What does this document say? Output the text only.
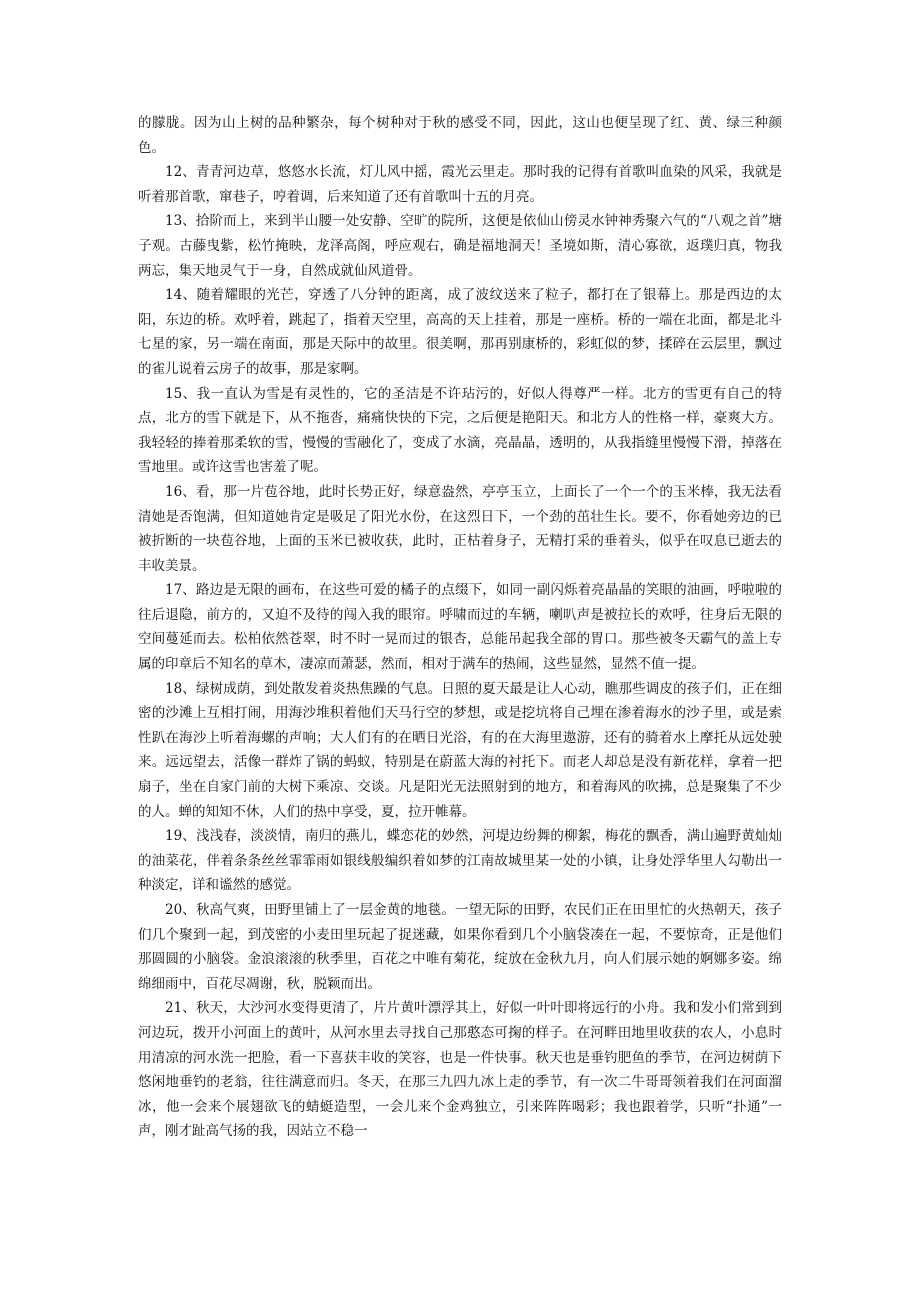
的朦胧。因为山上树的品种繁杂，每个树种对于秋的感受不同，因此，这山也便呈现了红、黄、绿三种颜色。

12、青青河边草，悠悠水长流，灯儿风中摇，霞光云里走。那时我的记得有首歌叫血染的风采，我就是听着那首歌，窜巷子，哼着调，后来知道了还有首歌叫十五的月亮。

13、拾阶而上，来到半山腰一处安静、空旷的院所，这便是依仙山傍灵水钟神秀聚六气的“八观之首”塘子观。古藤曳紫，松竹掩映，龙泽高阁，呼应观右，确是福地洞天！圣境如斯，清心寡欲，返璞归真，物我两忘，集天地灵气于一身，自然成就仙风道骨。

14、随着耀眼的光芒，穿透了八分钟的距离，成了波纹送来了粒子，都打在了银幕上。那是西边的太阳，东边的桥。欢呼着，跳起了，指着天空里，高高的天上挂着，那是一座桥。桥的一端在北面，都是北斗七星的家，另一端在南面，那是天际中的故里。很美啊，那再别康桥的，彩虹似的梦，揉碎在云层里，飘过的雀儿说着云房子的故事，那是家啊。

15、我一直认为雪是有灵性的，它的圣洁是不许玷污的，好似人得尊严一样。北方的雪更有自己的特点，北方的雪下就是下，从不拖沓，痛痛快快的下完，之后便是艳阳天。和北方人的性格一样，豪爽大方。我轻轻的捧着那柔软的雪，慢慢的雪融化了，变成了水滴，亮晶晶，透明的，从我指缝里慢慢下滑，掉落在雪地里。或许这雪也害羞了呢。

16、看，那一片苞谷地，此时长势正好，绿意盎然，亭亭玉立，上面长了一个一个的玉米棒，我无法看清她是否饱满，但知道她肯定是吸足了阳光水份，在这烈日下，一个劲的茁壮生长。要不，你看她旁边的已被折断的一块苞谷地，上面的玉米已被收获，此时，正枯着身子，无精打采的垂着头，似乎在叹息已逝去的丰收美景。

17、路边是无限的画布，在这些可爱的橘子的点缀下，如同一副闪烁着亮晶晶的笑眼的油画，呼啦啦的往后退隐，前方的，又迫不及待的闯入我的眼帘。呼啸而过的车辆，喇叭声是被拉长的欢呼，往身后无限的空间蔓延而去。松柏依然苍翠，时不时一晃而过的银杏，总能吊起我全部的胃口。那些被冬天霸气的盖上专属的印章后不知名的草木，凄凉而萧瑟，然而，相对于满车的热闹，这些显然，显然不值一提。

18、绿树成荫，到处散发着炎热焦躁的气息。日照的夏天最是让人心动，瞧那些调皮的孩子们，正在细密的沙滩上互相打闹，用海沙堆积着他们天马行空的梦想，或是挖坑将自己埋在渗着海水的沙子里，或是索性趴在海沙上听着海螺的声响；大人们有的在晒日光浴，有的在大海里遨游，还有的骑着水上摩托从远处驶来。远远望去，活像一群炸了锅的蚂蚁，特别是在蔚蓝大海的衬托下。而老人却总是没有新花样，拿着一把扇子，坐在自家门前的大树下乘凉、交谈。凡是阳光无法照射到的地方，和着海风的吹拂，总是聚集了不少的人。蝉的知知不休，人们的热中享受，夏，拉开帷幕。

19、浅浅春，淡淡情，南归的燕儿，蝶恋花的妙然，河堤边纷舞的柳絮，梅花的飘香，满山遍野黄灿灿的油菜花，伴着条条丝丝霏霏雨如银线般编织着如梦的江南故城里某一处的小镇，让身处浮华里人勾勒出一种淡定，详和谧然的感觉。

20、秋高气爽，田野里铺上了一层金黄的地毯。一望无际的田野，农民们正在田里忙的火热朝天，孩子们几个聚到一起，到茂密的小麦田里玩起了捉迷藏，如果你看到几个小脑袋凑在一起，不要惊奇，正是他们那圆圆的小脑袋。金浪滚滚的秋季里，百花之中唯有菊花，绽放在金秋九月，向人们展示她的婀娜多姿。绵绵细雨中，百花尽凋谢，秋，脱颖而出。

21、秋天，大沙河水变得更清了，片片黄叶漂浮其上，好似一叶叶即将远行的小舟。我和发小们常到到河边玩，拨开小河面上的黄叶，从河水里去寻找自己那憨态可掬的样子。在河畔田地里收获的农人，小息时用清凉的河水洗一把脸，看一下喜获丰收的笑容，也是一件快事。秋天也是垂钓肥鱼的季节，在河边树荫下悠闲地垂钓的老翁，往往满意而归。冬天，在那三九四九冰上走的季节，有一次二牛哥哥领着我们在河面溜冰，他一会来个展翅欲飞的蜻蜓造型，一会儿来个金鸡独立，引来阵阵喝彩；我也跟着学，只听“扑通”一声，刚才趾高气扬的我，因站立不稳一
